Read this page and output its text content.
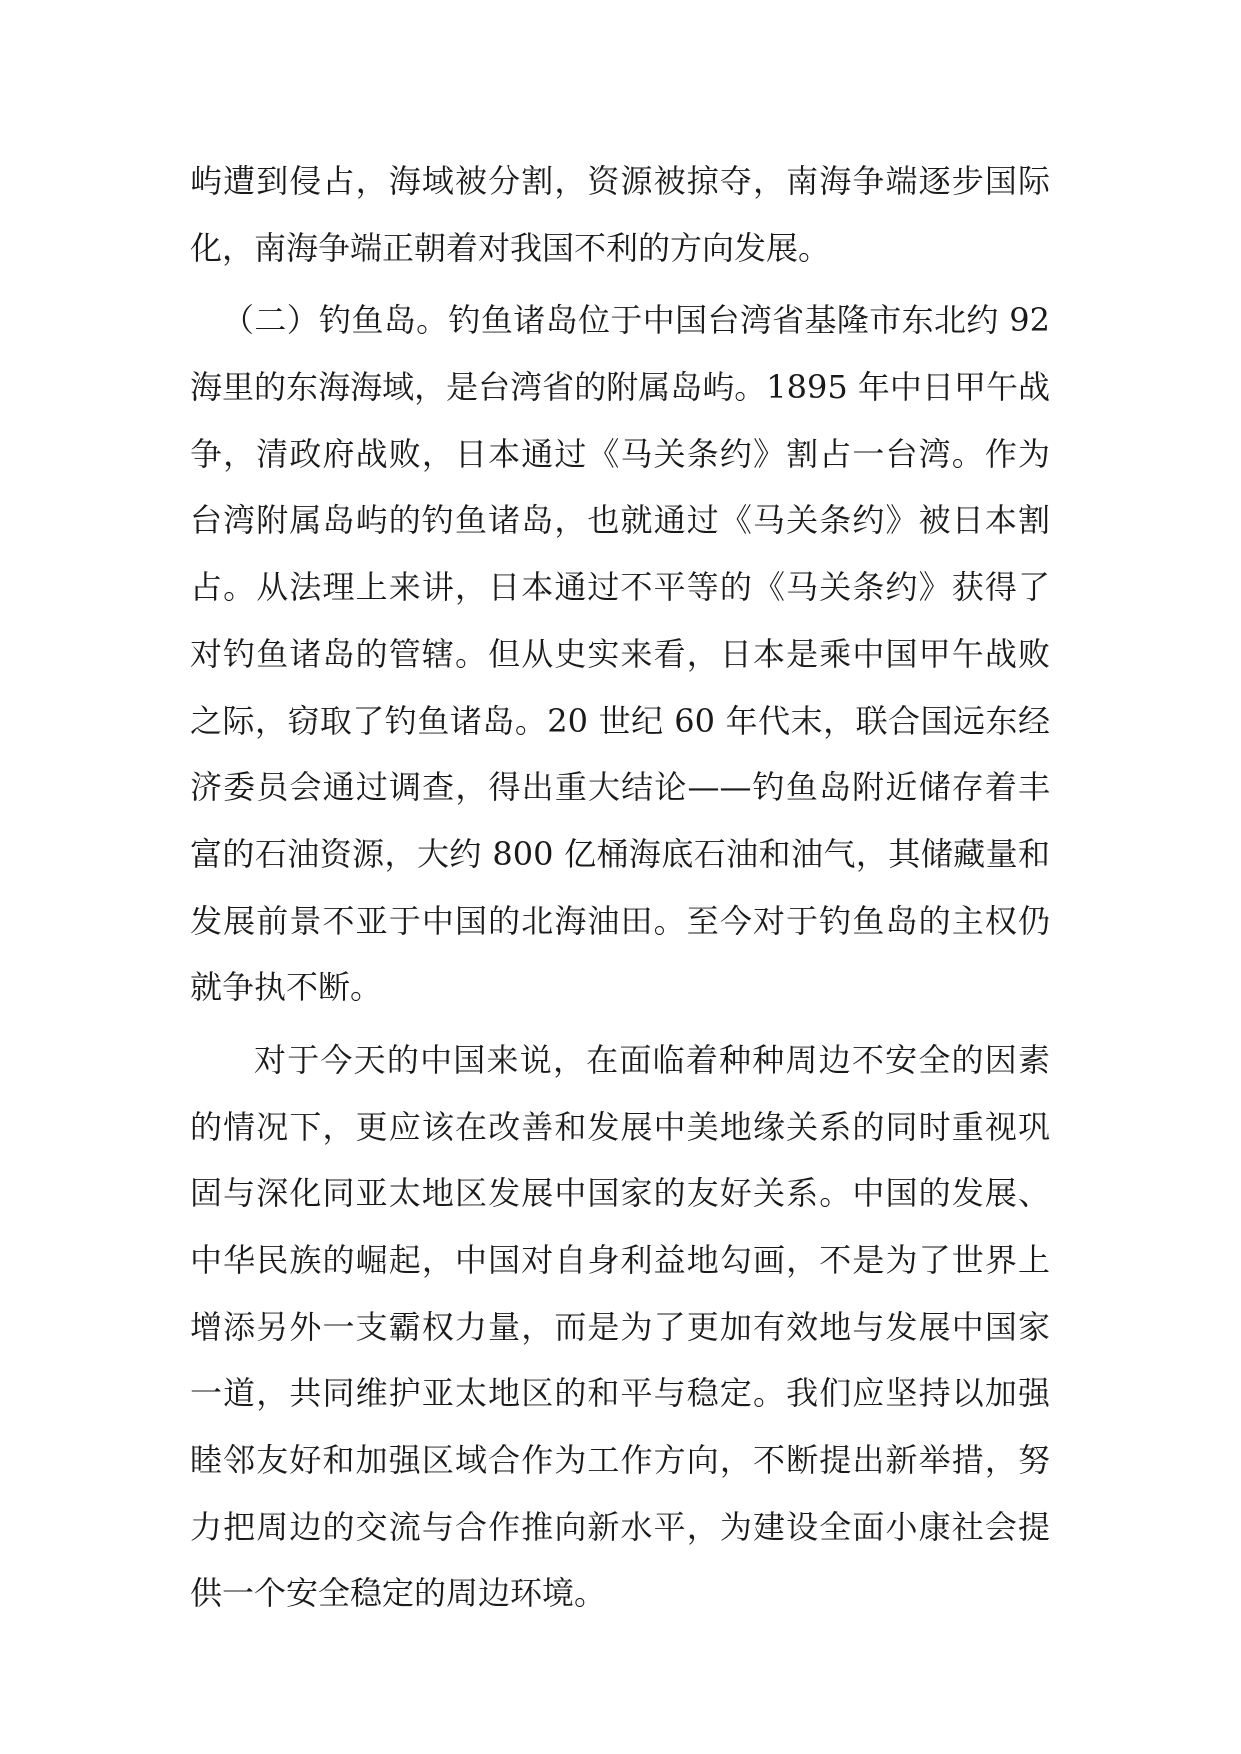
屿遭到侵占，海域被分割，资源被掠夺，南海争端逐步国际
化，南海争端正朝着对我国不利的方向发展。
（二）钓鱼岛。钓鱼诸岛位于中国台湾省基隆市东北约 92
海里的东海海域，是台湾省的附属岛屿。1895 年中日甲午战
争，清政府战败，日本通过《马关条约》割占一台湾。作为
台湾附属岛屿的钓鱼诸岛，也就通过《马关条约》被日本割
占。从法理上来讲，日本通过不平等的《马关条约》获得了
对钓鱼诸岛的管辖。但从史实来看，日本是乘中国甲午战败
之际，窃取了钓鱼诸岛。20 世纪 60 年代末，联合国远东经
济委员会通过调查，得出重大结论——钓鱼岛附近储存着丰
富的石油资源，大约 800 亿桶海底石油和油气，其储藏量和
发展前景不亚于中国的北海油田。至今对于钓鱼岛的主权仍
就争执不断。
对于今天的中国来说，在面临着种种周边不安全的因素
的情况下，更应该在改善和发展中美地缘关系的同时重视巩
固与深化同亚太地区发展中国家的友好关系。中国的发展、
中华民族的崛起，中国对自身利益地勾画，不是为了世界上
增添另外一支霸权力量，而是为了更加有效地与发展中国家
一道，共同维护亚太地区的和平与稳定。我们应坚持以加强
睦邻友好和加强区域合作为工作方向，不断提出新举措，努
力把周边的交流与合作推向新水平，为建设全面小康社会提
供一个安全稳定的周边环境。
